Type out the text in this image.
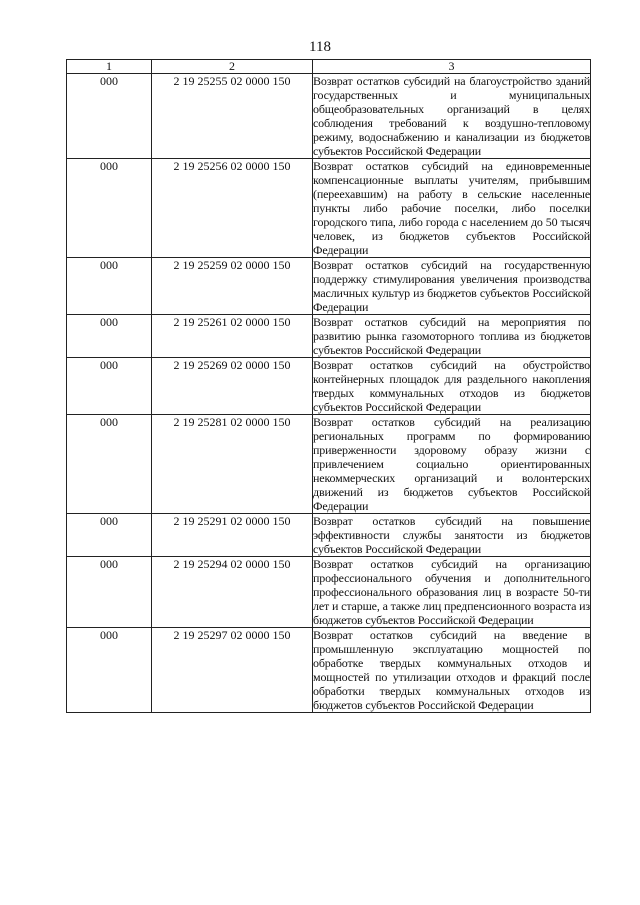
118
1	2	3
000	2 19 25255 02 0000 150	Возврат остатков субсидий на благоустройство зданий государственных и муниципальных общеобразовательных организаций в целях соблюдения требований к воздушно-тепловому режиму, водоснабжению и канализации из бюджетов субъектов Российской Федерации

000	2 19 25256 02 0000 150	Возврат остатков субсидий на единовременные компенсационные выплаты учителям, прибывшим (переехавшим) на работу в сельские населенные пункты либо рабочие поселки, либо поселки городского типа, либо города с населением до 50 тысяч человек, из бюджетов субъектов Российской Федерации

000	2 19 25259 02 0000 150	Возврат остатков субсидий на государственную поддержку стимулирования увеличения производства масличных культур из бюджетов субъектов Российской Федерации

000	2 19 25261 02 0000 150	Возврат остатков субсидий на мероприятия по развитию рынка газомоторного топлива из бюджетов субъектов Российской Федерации

000	2 19 25269 02 0000 150	Возврат остатков субсидий на обустройство контейнерных площадок для раздельного накопления твердых коммунальных отходов из бюджетов субъектов Российской Федерации

000	2 19 25281 02 0000 150	Возврат остатков субсидий на реализацию региональных программ по формированию приверженности здоровому образу жизни с привлечением социально ориентированных некоммерческих организаций и волонтерских движений из бюджетов субъектов Российской Федерации

000	2 19 25291 02 0000 150	Возврат остатков субсидий на повышение эффективности службы занятости из бюджетов субъектов Российской Федерации

000	2 19 25294 02 0000 150	Возврат остатков субсидий на организацию профессионального обучения и дополнительного профессионального образования лиц в возрасте 50-ти лет и старше, а также лиц предпенсионного возраста из бюджетов субъектов Российской Федерации

000	2 19 25297 02 0000 150	Возврат остатков субсидий на введение в промышленную эксплуатацию мощностей по обработке твердых коммунальных отходов и мощностей по утилизации отходов и фракций после обработки твердых коммунальных отходов из бюджетов субъектов Российской Федерации
